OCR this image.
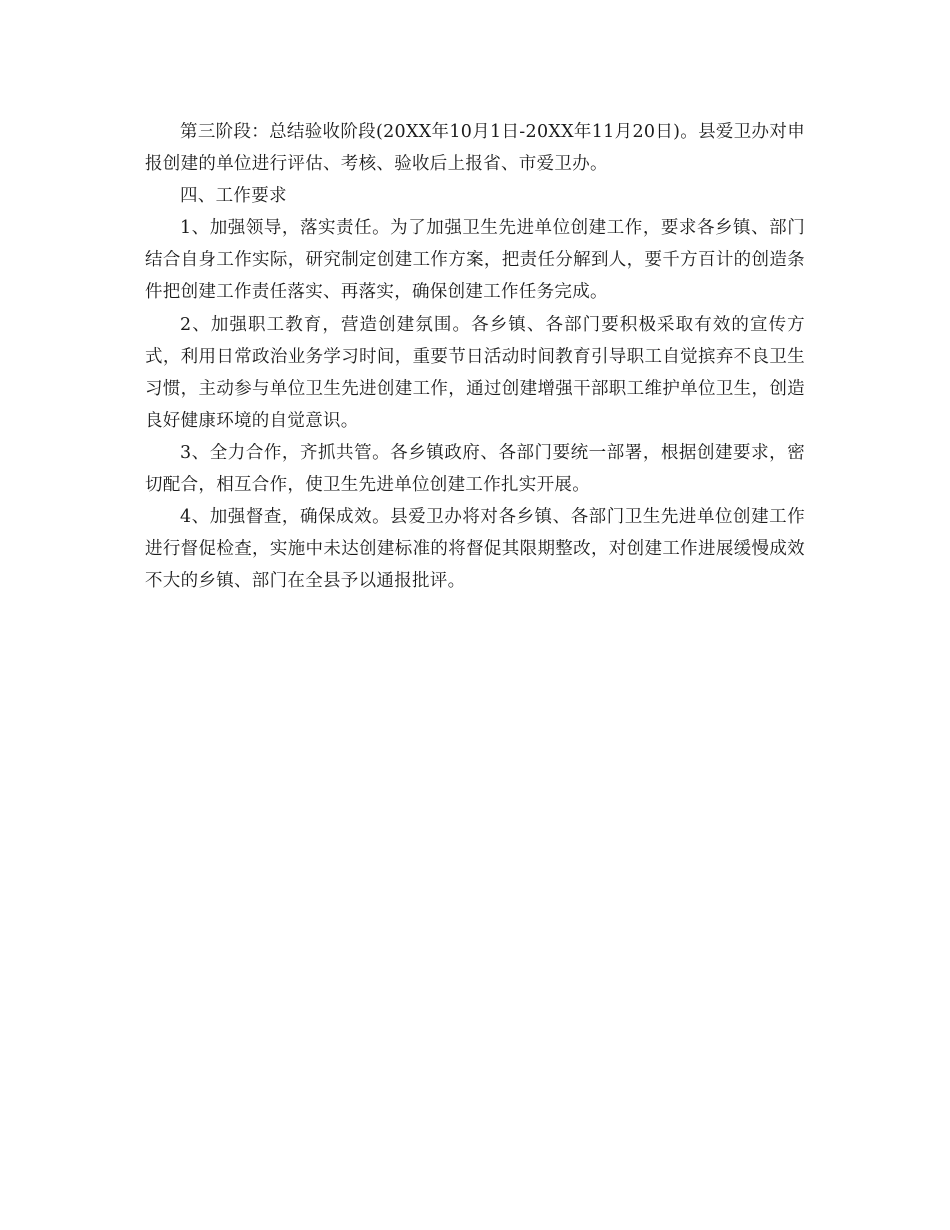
第三阶段：总结验收阶段(20XX年10月1日-20XX年11月20日)。县爱卫办对申报创建的单位进行评估、考核、验收后上报省、市爱卫办。

四、工作要求

1、加强领导，落实责任。为了加强卫生先进单位创建工作，要求各乡镇、部门结合自身工作实际，研究制定创建工作方案，把责任分解到人，要千方百计的创造条件把创建工作责任落实、再落实，确保创建工作任务完成。

2、加强职工教育，营造创建氛围。各乡镇、各部门要积极采取有效的宣传方式，利用日常政治业务学习时间，重要节日活动时间教育引导职工自觉摈弃不良卫生习惯，主动参与单位卫生先进创建工作，通过创建增强干部职工维护单位卫生，创造良好健康环境的自觉意识。

3、全力合作，齐抓共管。各乡镇政府、各部门要统一部署，根据创建要求，密切配合，相互合作，使卫生先进单位创建工作扎实开展。

4、加强督查，确保成效。县爱卫办将对各乡镇、各部门卫生先进单位创建工作进行督促检查，实施中未达创建标准的将督促其限期整改，对创建工作进展缓慢成效不大的乡镇、部门在全县予以通报批评。
